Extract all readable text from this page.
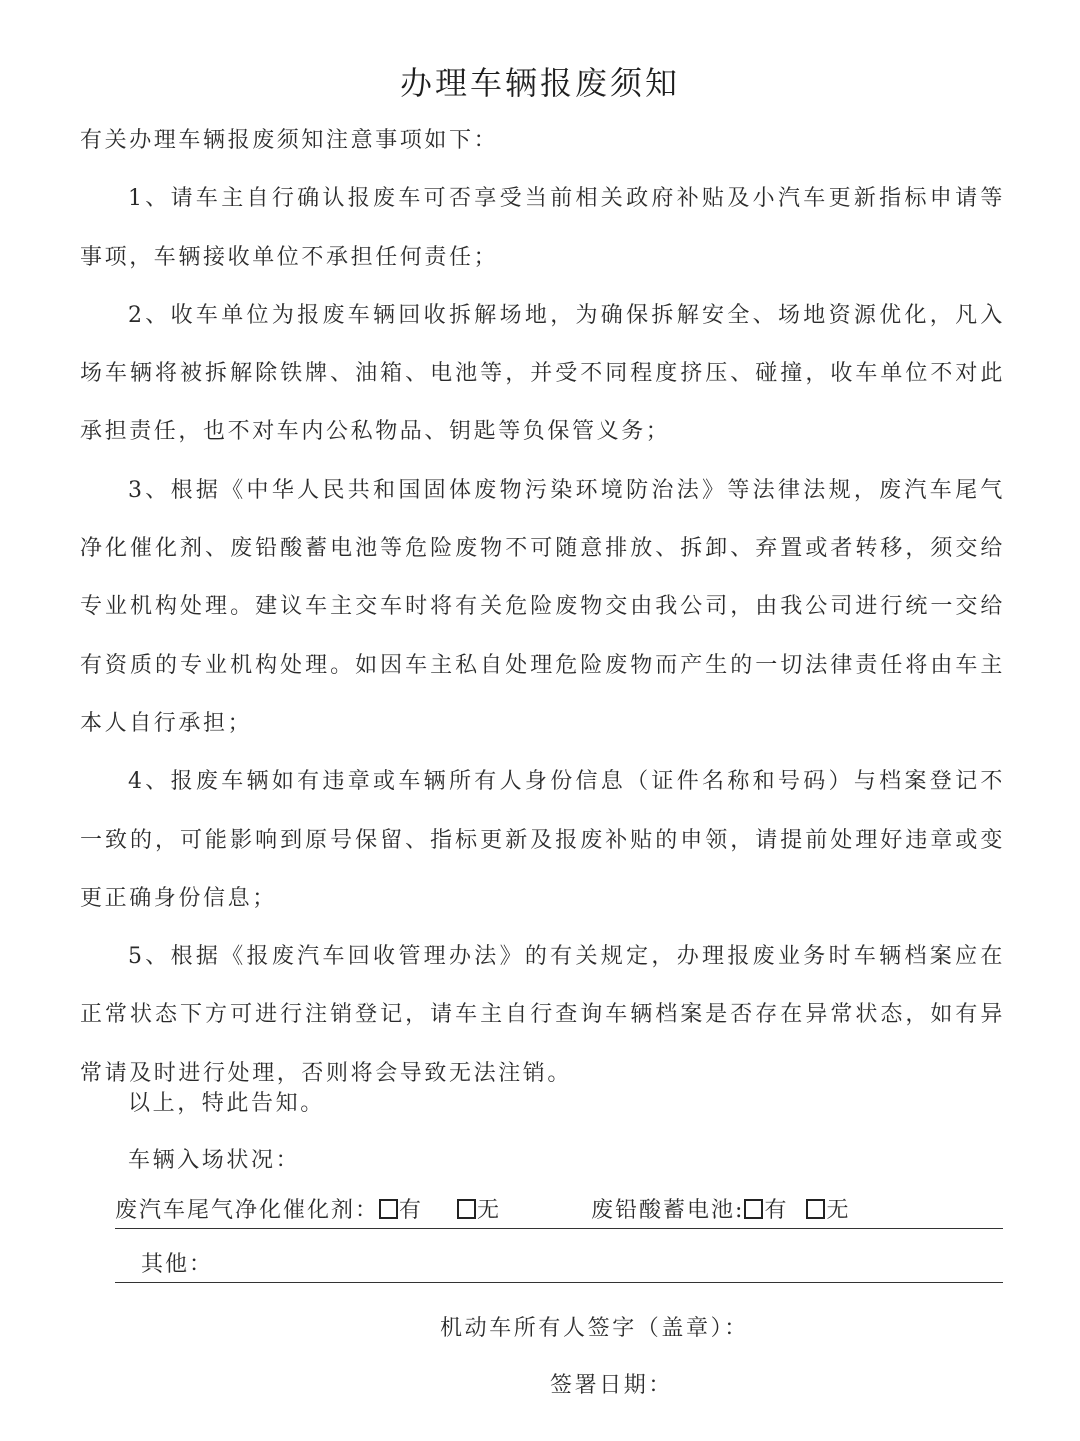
办理车辆报废须知

有关办理车辆报废须知注意事项如下：

1、请车主自行确认报废车可否享受当前相关政府补贴及小汽车更新指标申请等事项，车辆接收单位不承担任何责任；

2、收车单位为报废车辆回收拆解场地，为确保拆解安全、场地资源优化，凡入场车辆将被拆解除铁牌、油箱、电池等，并受不同程度挤压、碰撞，收车单位不对此承担责任，也不对车内公私物品、钥匙等负保管义务；

3、根据《中华人民共和国固体废物污染环境防治法》等法律法规，废汽车尾气净化催化剂、废铅酸蓄电池等危险废物不可随意排放、拆卸、弃置或者转移，须交给专业机构处理。建议车主交车时将有关危险废物交由我公司，由我公司进行统一交给有资质的专业机构处理。如因车主私自处理危险废物而产生的一切法律责任将由车主本人自行承担；

4、报废车辆如有违章或车辆所有人身份信息（证件名称和号码）与档案登记不一致的，可能影响到原号保留、指标更新及报废补贴的申领，请提前处理好违章或变更正确身份信息；

5、根据《报废汽车回收管理办法》的有关规定，办理报废业务时车辆档案应在正常状态下方可进行注销登记，请车主自行查询车辆档案是否存在异常状态，如有异常请及时进行处理，否则将会导致无法注销。

以上，特此告知。
车辆入场状况：
废汽车尾气净化催化剂： 有 无	废铅酸蓄电池: 有 无
其他：
机动车所有人签字（盖章）：
签署日期：
